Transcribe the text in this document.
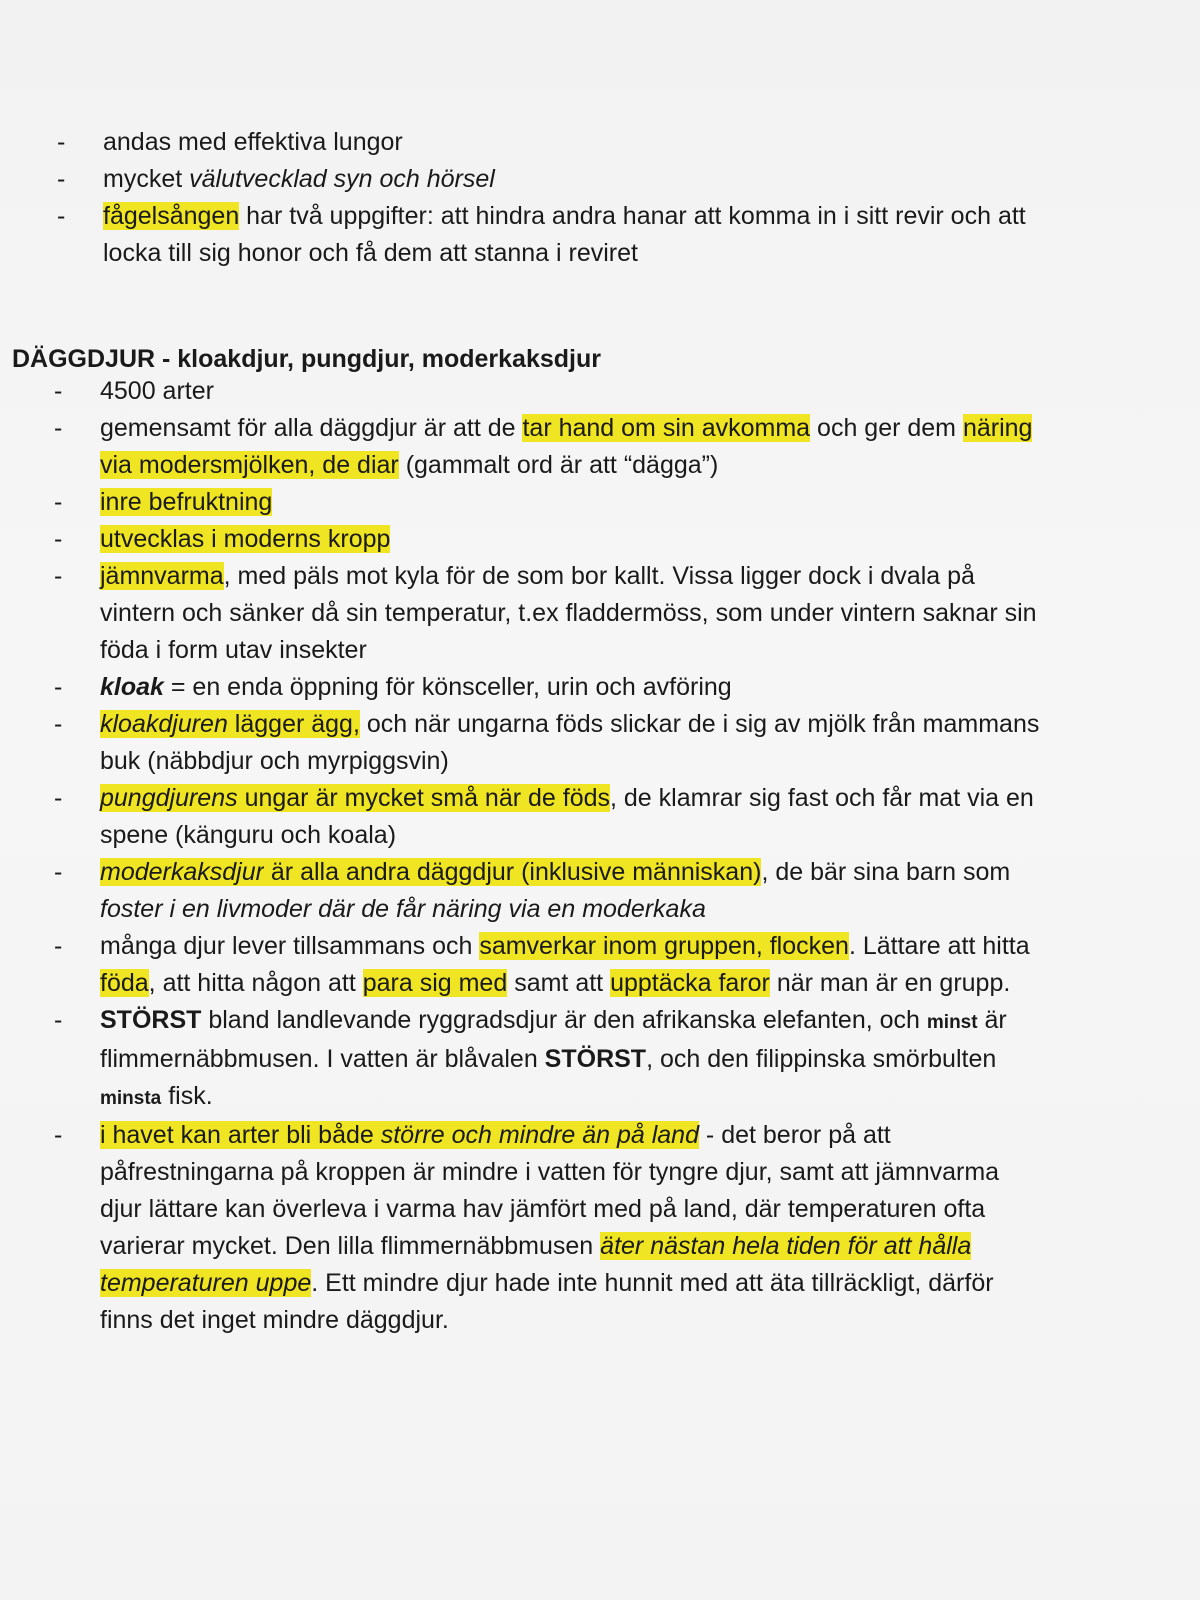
- andas med effektiva lungor
- mycket välutvecklad syn och hörsel
- fågelsången har två uppgifter: att hindra andra hanar att komma in i sitt revir och att
locka till sig honor och få dem att stanna i reviret
DÄGGDJUR - kloakdjur, pungdjur, moderkaksdjur
- 4500 arter
- gemensamt för alla däggdjur är att de tar hand om sin avkomma och ger dem näring
via modersmjölken, de diar (gammalt ord är att “dägga”)
- inre befruktning
- utvecklas i moderns kropp
- jämnvarma, med päls mot kyla för de som bor kallt. Vissa ligger dock i dvala på
vintern och sänker då sin temperatur, t.ex fladdermöss, som under vintern saknar sin
föda i form utav insekter
- kloak = en enda öppning för könsceller, urin och avföring
- kloakdjuren lägger ägg, och när ungarna föds slickar de i sig av mjölk från mammans
buk (näbbdjur och myrpiggsvin)
- pungdjurens ungar är mycket små när de föds, de klamrar sig fast och får mat via en
spene (känguru och koala)
- moderkaksdjur är alla andra däggdjur (inklusive människan), de bär sina barn som
foster i en livmoder där de får näring via en moderkaka
- många djur lever tillsammans och samverkar inom gruppen, flocken. Lättare att hitta
föda, att hitta någon att para sig med samt att upptäcka faror när man är en grupp.
- STÖRST bland landlevande ryggradsdjur är den afrikanska elefanten, och minst är
flimmernäbbmusen. I vatten är blåvalen STÖRST, och den filippinska smörbulten
minsta fisk.
- i havet kan arter bli både större och mindre än på land - det beror på att
påfrestningarna på kroppen är mindre i vatten för tyngre djur, samt att jämnvarma
djur lättare kan överleva i varma hav jämfört med på land, där temperaturen ofta
varierar mycket. Den lilla flimmernäbbmusen äter nästan hela tiden för att hålla
temperaturen uppe. Ett mindre djur hade inte hunnit med att äta tillräckligt, därför
finns det inget mindre däggdjur.
